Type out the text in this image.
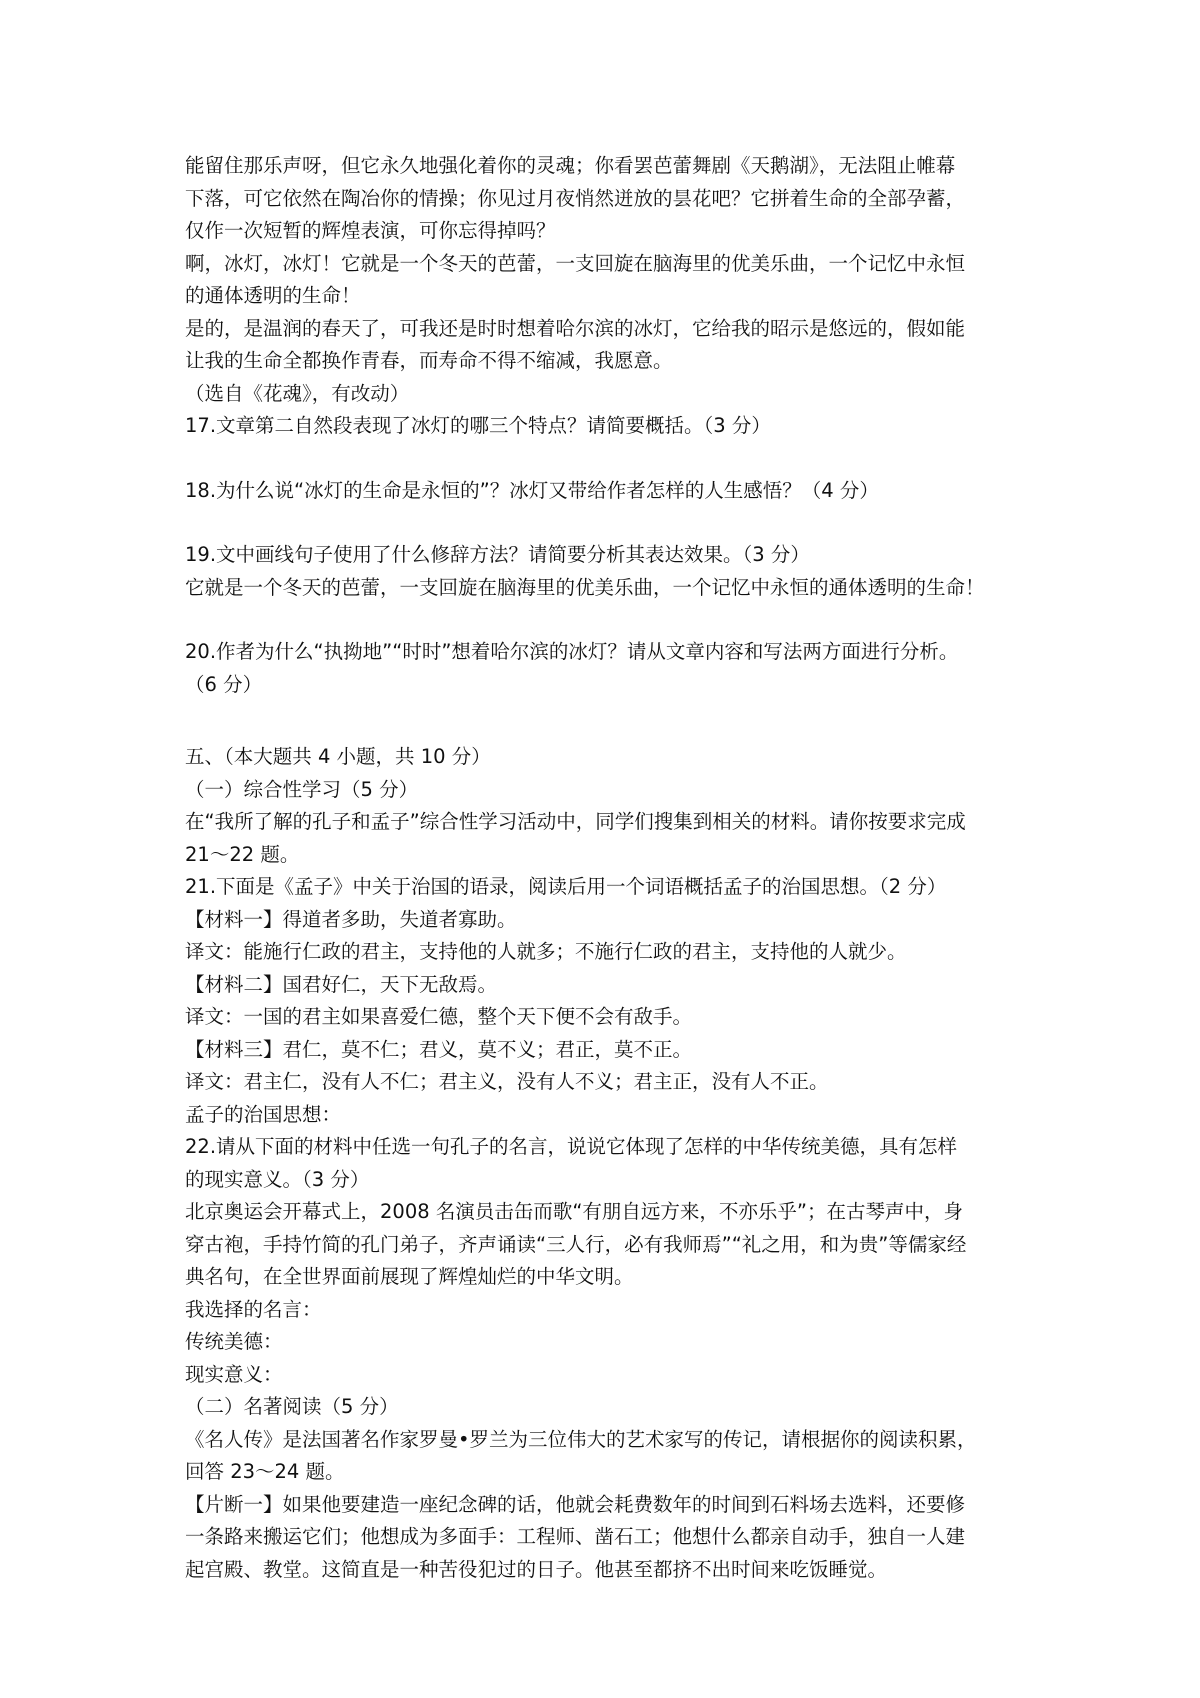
能留住那乐声呀，但它永久地强化着你的灵魂；你看罢芭蕾舞剧《天鹅湖》，无法阻止帷幕
下落，可它依然在陶冶你的情操；你见过月夜悄然迸放的昙花吧？它拼着生命的全部孕蓄，
仅作一次短暂的辉煌表演，可你忘得掉吗？
啊，冰灯，冰灯！它就是一个冬天的芭蕾，一支回旋在脑海里的优美乐曲，一个记忆中永恒
的通体透明的生命！
是的，是温润的春天了，可我还是时时想着哈尔滨的冰灯，它给我的昭示是悠远的，假如能
让我的生命全都换作青春，而寿命不得不缩减，我愿意。
（选自《花魂》，有改动）
17.文章第二自然段表现了冰灯的哪三个特点？请简要概括。（3 分）
18.为什么说“冰灯的生命是永恒的”？冰灯又带给作者怎样的人生感悟？（4 分）
19.文中画线句子使用了什么修辞方法？请简要分析其表达效果。（3 分）
它就是一个冬天的芭蕾，一支回旋在脑海里的优美乐曲，一个记忆中永恒的通体透明的生命！
20.作者为什么“执拗地”“时时”想着哈尔滨的冰灯？请从文章内容和写法两方面进行分析。
（6 分）
五、（本大题共 4 小题，共 10 分）
（一）综合性学习（5 分）
在“我所了解的孔子和孟子”综合性学习活动中，同学们搜集到相关的材料。请你按要求完成
21～22 题。
21.下面是《孟子》中关于治国的语录，阅读后用一个词语概括孟子的治国思想。（2 分）
【材料一】得道者多助，失道者寡助。
译文：能施行仁政的君主，支持他的人就多；不施行仁政的君主，支持他的人就少。
【材料二】国君好仁，天下无敌焉。
译文：一国的君主如果喜爱仁德，整个天下便不会有敌手。
【材料三】君仁，莫不仁；君义，莫不义；君正，莫不正。
译文：君主仁，没有人不仁；君主义，没有人不义；君主正，没有人不正。
孟子的治国思想：
22.请从下面的材料中任选一句孔子的名言，说说它体现了怎样的中华传统美德，具有怎样
的现实意义。（3 分）
北京奥运会开幕式上，2008 名演员击缶而歌“有朋自远方来，不亦乐乎”；在古琴声中，身
穿古袍，手持竹简的孔门弟子，齐声诵读“三人行，必有我师焉”“礼之用，和为贵”等儒家经
典名句，在全世界面前展现了辉煌灿烂的中华文明。
我选择的名言：
传统美德：
现实意义：
（二）名著阅读（5 分）
《名人传》是法国著名作家罗曼•罗兰为三位伟大的艺术家写的传记，请根据你的阅读积累，
回答 23～24 题。
【片断一】如果他要建造一座纪念碑的话，他就会耗费数年的时间到石料场去选料，还要修
一条路来搬运它们；他想成为多面手：工程师、凿石工；他想什么都亲自动手，独自一人建
起宫殿、教堂。这简直是一种苦役犯过的日子。他甚至都挤不出时间来吃饭睡觉。
